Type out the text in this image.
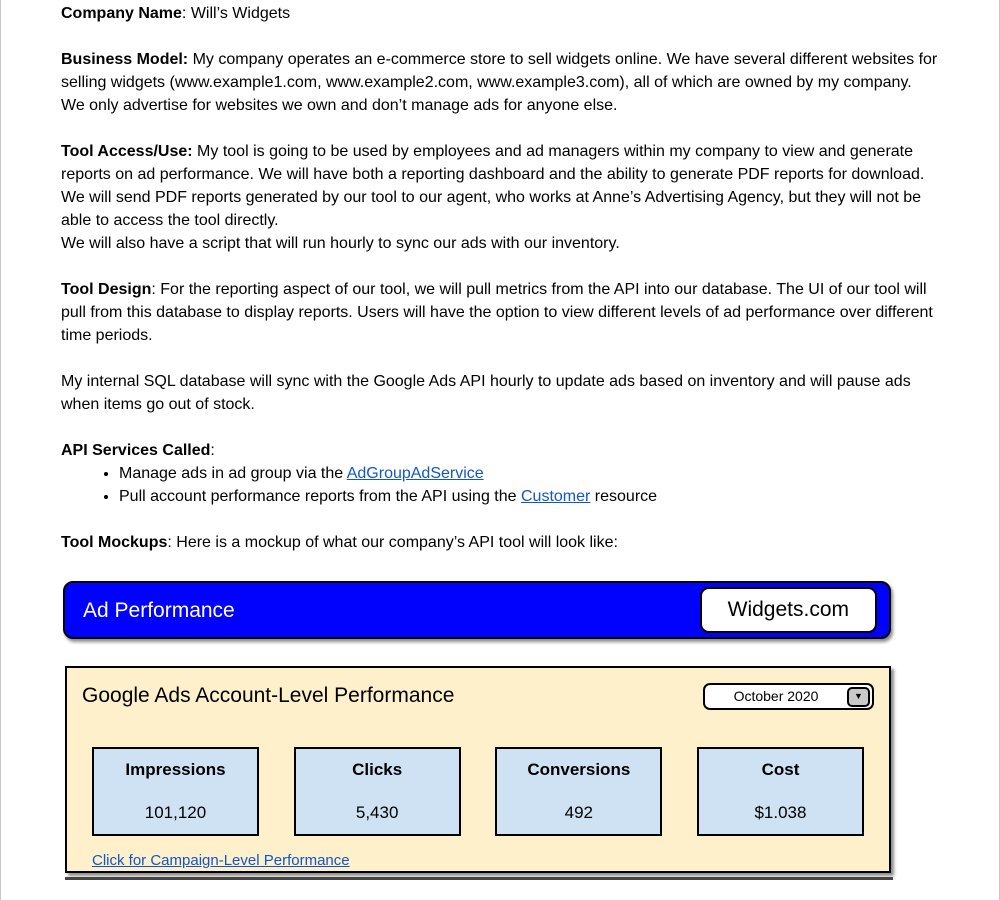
Company Name: Will’s Widgets

Business Model: My company operates an e-commerce store to sell widgets online. We have several different websites for selling widgets (www.example1.com, www.example2.com, www.example3.com), all of which are owned by my company. We only advertise for websites we own and don’t manage ads for anyone else.

Tool Access/Use: My tool is going to be used by employees and ad managers within my company to view and generate reports on ad performance. We will have both a reporting dashboard and the ability to generate PDF reports for download. We will send PDF reports generated by our tool to our agent, who works at Anne’s Advertising Agency, but they will not be able to access the tool directly.
We will also have a script that will run hourly to sync our ads with our inventory.

Tool Design: For the reporting aspect of our tool, we will pull metrics from the API into our database. The UI of our tool will pull from this database to display reports. Users will have the option to view different levels of ad performance over different time periods.

My internal SQL database will sync with the Google Ads API hourly to update ads based on inventory and will pause ads when items go out of stock.

API Services Called:

• Manage ads in ad group via the AdGroupAdService
• Pull account performance reports from the API using the Customer resource

Tool Mockups: Here is a mockup of what our company’s API tool will look like:

Ad Performance	Widgets.com
Google Ads Account-Level Performance	October 2020	▼
Impressions
101,120
Clicks
5,430
Conversions
492
Cost
$1.038
Click for Campaign-Level Performance
